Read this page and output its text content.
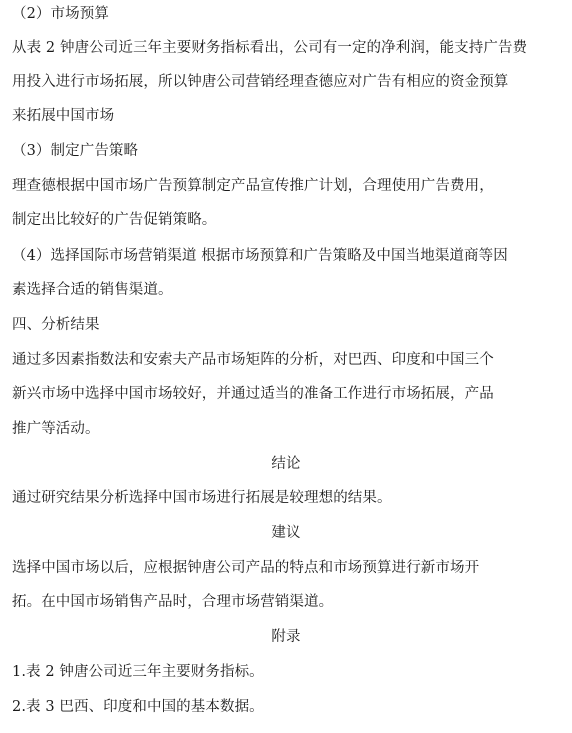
（2）市场预算
从表 2 钟唐公司近三年主要财务指标看出，公司有一定的净利润，能支持广告费
用投入进行市场拓展，所以钟唐公司营销经理查德应对广告有相应的资金预算
来拓展中国市场
（3）制定广告策略
理查德根据中国市场广告预算制定产品宣传推广计划，合理使用广告费用，
制定出比较好的广告促销策略。
（4）选择国际市场营销渠道 根据市场预算和广告策略及中国当地渠道商等因
素选择合适的销售渠道。
四、分析结果
通过多因素指数法和安索夫产品市场矩阵的分析，对巴西、印度和中国三个
新兴市场中选择中国市场较好，并通过适当的准备工作进行市场拓展，产品
推广等活动。
结论
通过研究结果分析选择中国市场进行拓展是较理想的结果。
建议
选择中国市场以后，应根据钟唐公司产品的特点和市场预算进行新市场开
拓。在中国市场销售产品时，合理市场营销渠道。
附录
1.表 2 钟唐公司近三年主要财务指标。
2.表 3 巴西、印度和中国的基本数据。
